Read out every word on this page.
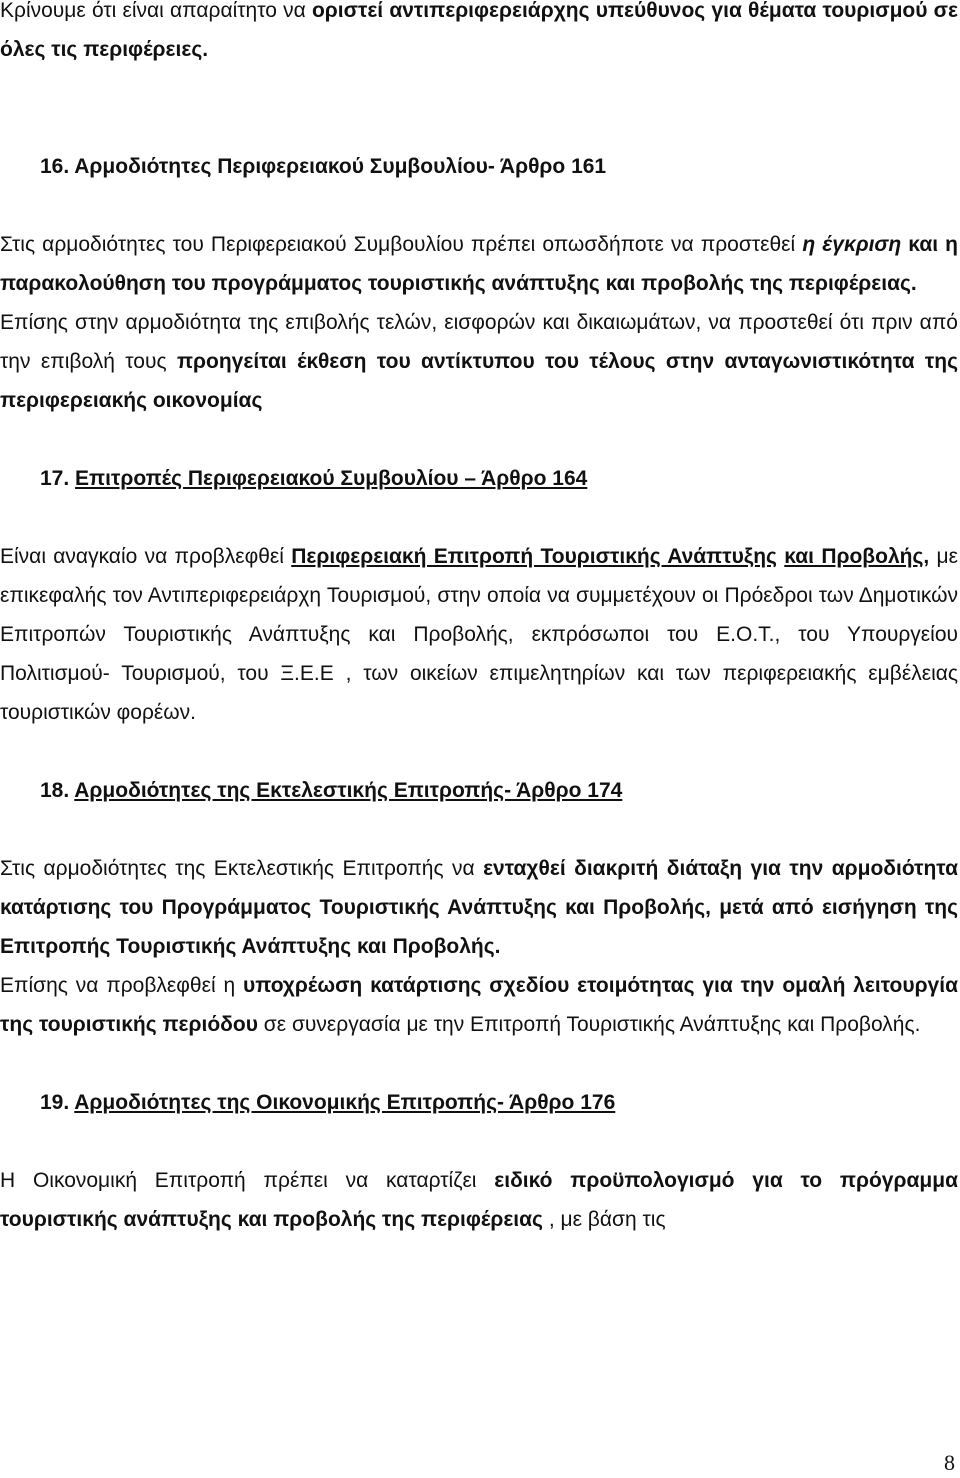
Κρίνουμε ότι είναι απαραίτητο να οριστεί αντιπεριφερειάρχης υπεύθυνος για θέματα τουρισμού σε όλες τις περιφέρειες.

16. Αρμοδιότητες Περιφερειακού Συμβουλίου- Άρθρο 161

Στις αρμοδιότητες του Περιφερειακού Συμβουλίου πρέπει οπωσδήποτε να προστεθεί η έγκριση και η παρακολούθηση του προγράμματος τουριστικής ανάπτυξης και προβολής της περιφέρειας.

Επίσης στην αρμοδιότητα της επιβολής τελών, εισφορών και δικαιωμάτων, να προστεθεί ότι πριν από την επιβολή τους προηγείται έκθεση του αντίκτυπου του τέλους στην ανταγωνιστικότητα της περιφερειακής οικονομίας

17. Επιτροπές Περιφερειακού Συμβουλίου – Άρθρο 164

Είναι αναγκαίο να προβλεφθεί Περιφερειακή Επιτροπή Τουριστικής Ανάπτυξης και Προβολής, με επικεφαλής τον Αντιπεριφερειάρχη Τουρισμού, στην οποία να συμμετέχουν οι Πρόεδροι των Δημοτικών Επιτροπών Τουριστικής Ανάπτυξης και Προβολής, εκπρόσωποι του Ε.Ο.Τ., του Υπουργείου Πολιτισμού- Τουρισμού, του Ξ.Ε.Ε , των οικείων επιμελητηρίων και των περιφερειακής εμβέλειας τουριστικών φορέων.

18. Αρμοδιότητες της Εκτελεστικής Επιτροπής- Άρθρο 174

Στις αρμοδιότητες της Εκτελεστικής Επιτροπής να ενταχθεί διακριτή διάταξη για την αρμοδιότητα κατάρτισης του Προγράμματος Τουριστικής Ανάπτυξης και Προβολής, μετά από εισήγηση της Επιτροπής Τουριστικής Ανάπτυξης και Προβολής.

Επίσης να προβλεφθεί η υποχρέωση κατάρτισης σχεδίου ετοιμότητας για την ομαλή λειτουργία της τουριστικής περιόδου σε συνεργασία με την Επιτροπή Τουριστικής Ανάπτυξης και Προβολής.

19. Αρμοδιότητες της Οικονομικής Επιτροπής- Άρθρο 176

Η Οικονομική Επιτροπή πρέπει να καταρτίζει ειδικό προϋπολογισμό για το πρόγραμμα τουριστικής ανάπτυξης και προβολής της περιφέρειας , με βάση τις

8
